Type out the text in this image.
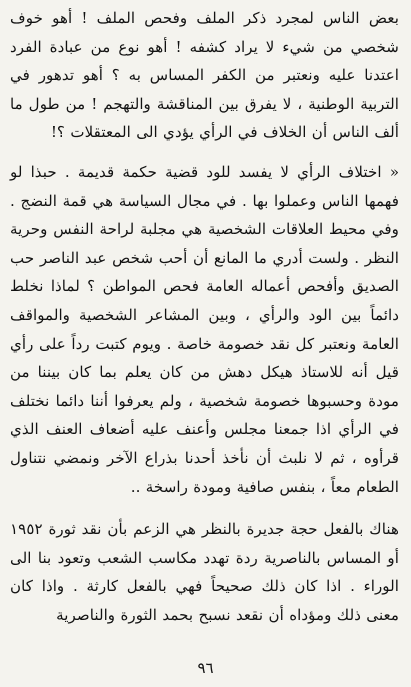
بعض الناس لمجرد ذكر الملف وفحص الملف ! أهو خوف شخصي من شيء لا يراد كشفه ! أهو نوع من عبادة الفرد اعتدنا عليه ونعتبر من الكفر المساس به ؟ أهو تدهور في التربية الوطنية ، لا يفرق بين المناقشة والتهجم ! من طول ما ألف الناس أن الخلاف في الرأي يؤدي الى المعتقلات ؟!

« اختلاف الرأي لا يفسد للود قضية حكمة قديمة . حبذا لو فهمها الناس وعملوا بها . في مجال السياسة هي قمة النضج . وفي محيط العلاقات الشخصية هي مجلبة لراحة النفس وحرية النظر . ولست أدري ما المانع أن أحب شخص عبد الناصر حب الصديق وأفحص أعماله العامة فحص المواطن ؟ لماذا نخلط دائماً بين الود والرأي ، وبين المشاعر الشخصية والمواقف العامة ونعتبر كل نقد خصومة خاصة . ويوم كتبت رداً على رأي قيل أنه للاستاذ هيكل دهش من كان يعلم بما كان بيننا من مودة وحسبوها خصومة شخصية ، ولم يعرفوا أننا دائما نختلف في الرأي اذا جمعنا مجلس وأعنف عليه أضعاف العنف الذي قرأوه ، ثم لا نلبث أن نأخذ أحدنا بذراع الآخر ونمضي نتناول الطعام معاً ، بنفس صافية ومودة راسخة ..

هناك بالفعل حجة جديرة بالنظر هي الزعم بأن نقد ثورة ١٩٥٢ أو المساس بالناصرية ردة تهدد مكاسب الشعب وتعود بنا الى الوراء . اذا كان ذلك صحيحاً فهي بالفعل كارثة . واذا كان معنى ذلك ومؤداه أن نقعد نسبح بحمد الثورة والناصرية

٩٦
